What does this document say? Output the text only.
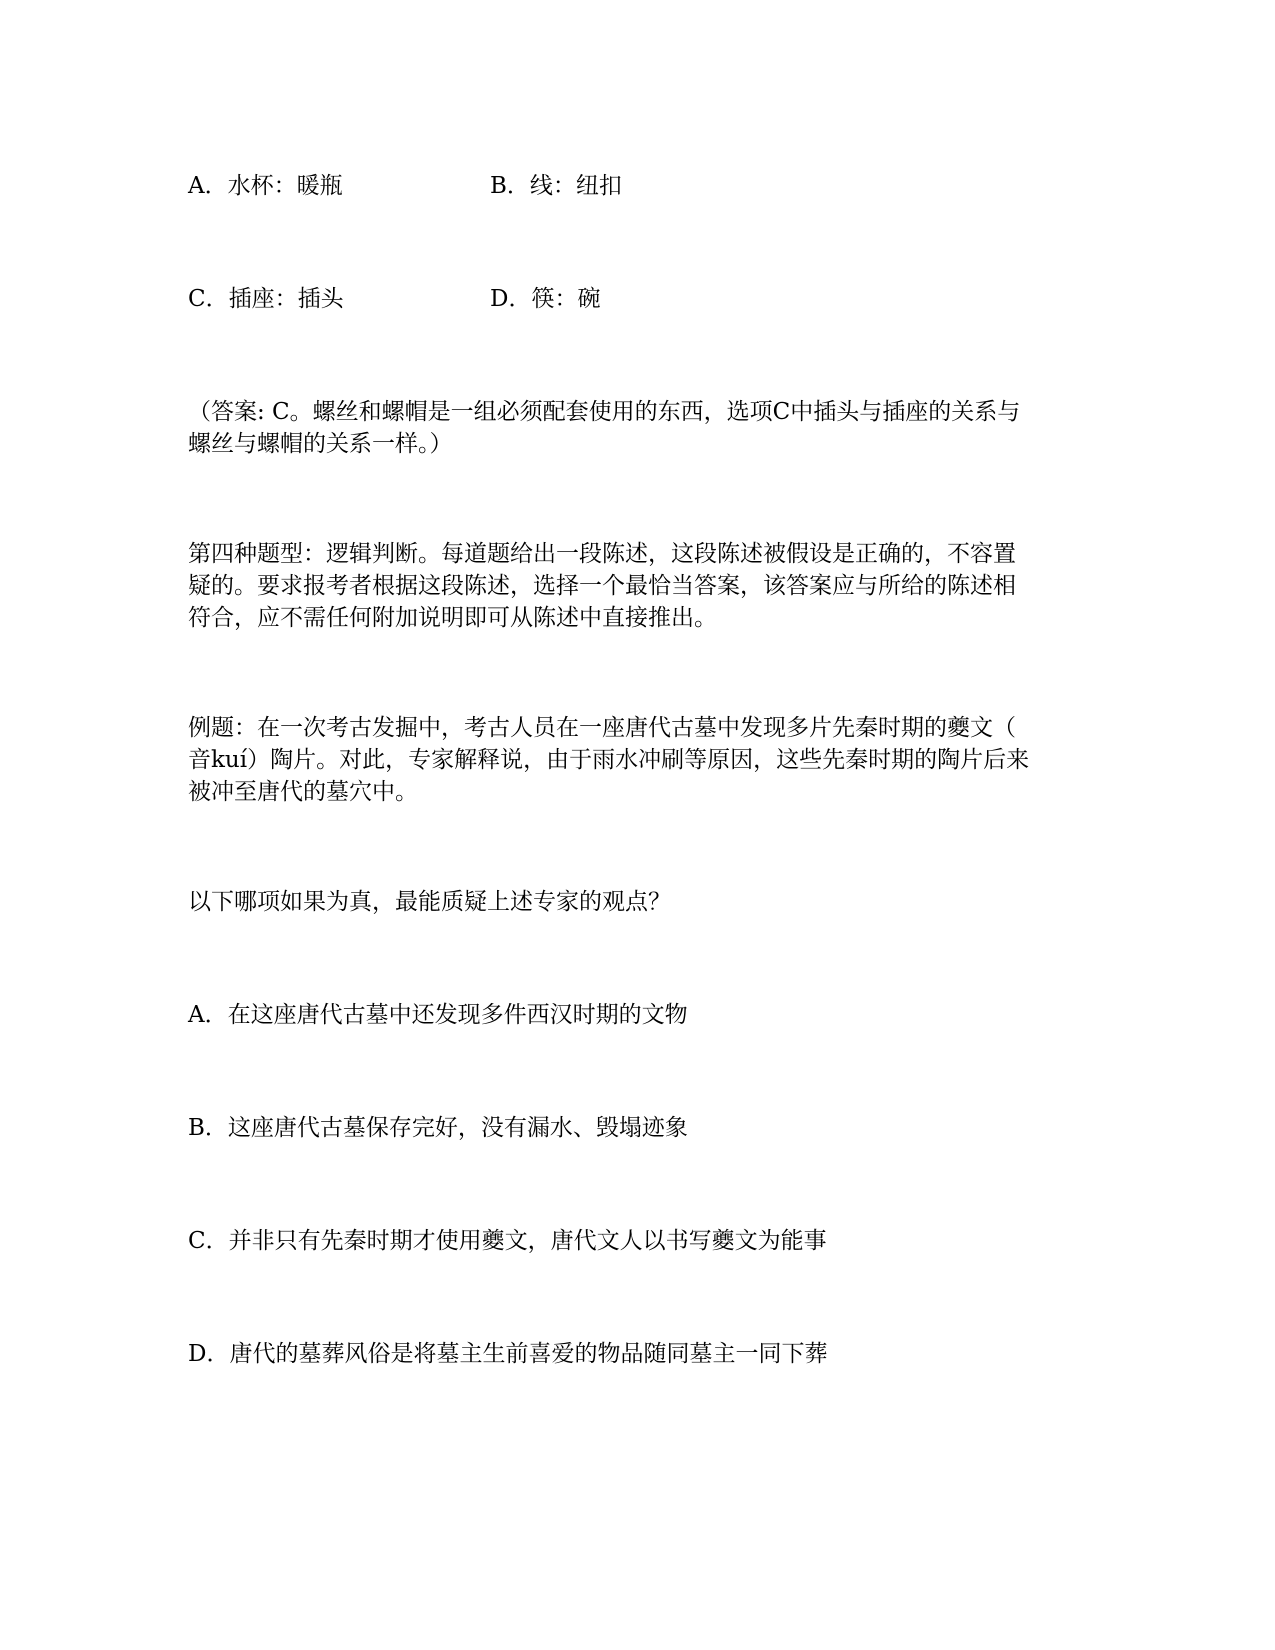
A．水杯：暖瓶	B．线：纽扣
C．插座：插头	D．筷：碗
（答案: C。螺丝和螺帽是一组必须配套使用的东西，选项C中插头与插座的关系与
螺丝与螺帽的关系一样。）
第四种题型：逻辑判断。每道题给出一段陈述，这段陈述被假设是正确的，不容置
疑的。要求报考者根据这段陈述，选择一个最恰当答案，该答案应与所给的陈述相
符合，应不需任何附加说明即可从陈述中直接推出。
例题：在一次考古发掘中，考古人员在一座唐代古墓中发现多片先秦时期的夔文（
音kuí）陶片。对此，专家解释说，由于雨水冲刷等原因，这些先秦时期的陶片后来
被冲至唐代的墓穴中。
以下哪项如果为真，最能质疑上述专家的观点？
A．在这座唐代古墓中还发现多件西汉时期的文物
B．这座唐代古墓保存完好，没有漏水、毁塌迹象
C．并非只有先秦时期才使用夔文，唐代文人以书写夔文为能事
D．唐代的墓葬风俗是将墓主生前喜爱的物品随同墓主一同下葬
